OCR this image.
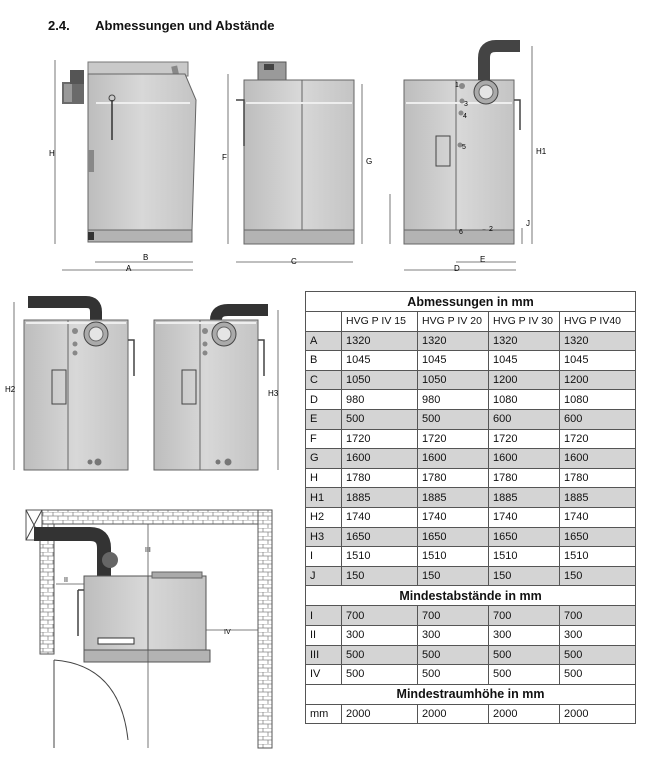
2.4. Abmessungen und Abstände
H
B
A
F	G
C
1
3
4
5
6	2
J
H1
E
D
H2	H3
III
II
IV
Abmessungen in mm				
	HVG P IV 15	HVG P IV 20	HVG P IV 30	HVG P IV40
A	1320	1320	1320	1320
B	1045	1045	1045	1045
C	1050	1050	1200	1200
D	980	980	1080	1080
E	500	500	600	600
F	1720	1720	1720	1720
G	1600	1600	1600	1600
H	1780	1780	1780	1780
H1	1885	1885	1885	1885
H2	1740	1740	1740	1740
H3	1650	1650	1650	1650
I	1510	1510	1510	1510
J	150	150	150	150
Mindestabstände in mm				
I	700	700	700	700
II	300	300	300	300
III	500	500	500	500
IV	500	500	500	500
Mindestraumhöhe in mm				
mm	2000	2000	2000	2000
